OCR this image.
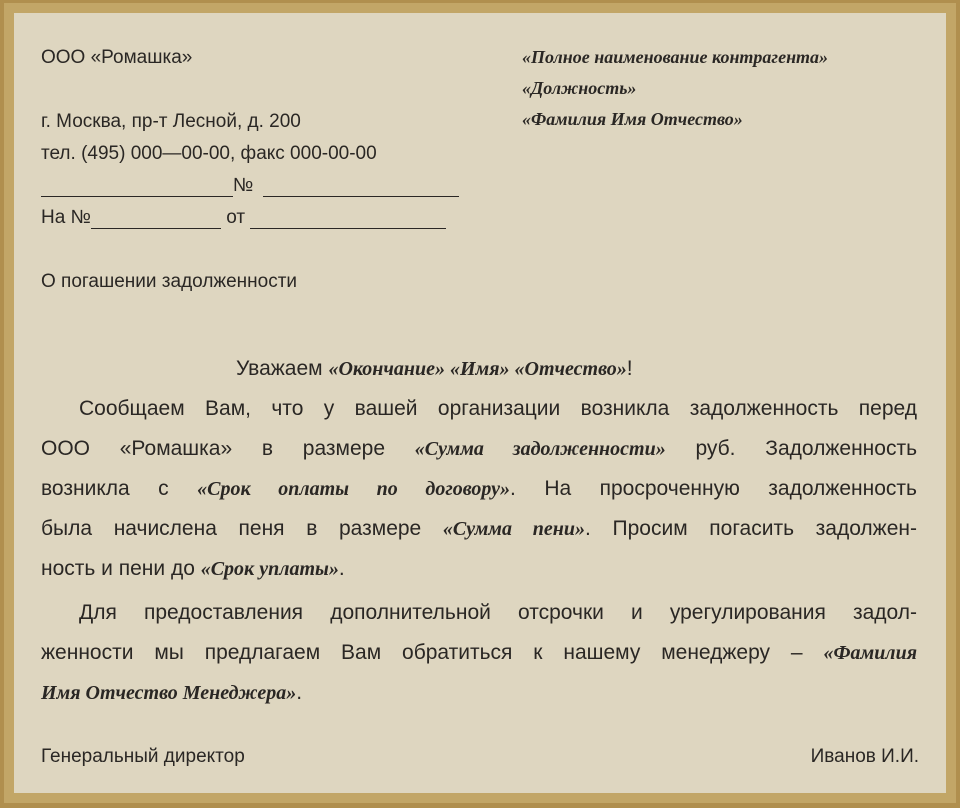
ООО «Ромашка»
г. Москва, пр-т Лесной, д. 200
тел. (495) 000—00-00, факс 000-00-00
№
На №	от
«Полное наименование контрагента»
«Должность»
«Фамилия Имя Отчество»
О погашении задолженности
Уважаем «Окончание» «Имя» «Отчество»!
Сообщаем Вам, что у вашей организации возникла задолженность перед
ООО «Ромашка» в размере «Сумма задолженности» руб. Задолженность
возникла с «Срок оплаты по договору». На просроченную задолженность
была начислена пеня в размере «Сумма пени». Просим погасить задолжен-
ность и пени до «Срок уплаты».
Для предоставления дополнительной отсрочки и урегулирования задол-
женности мы предлагаем Вам обратиться к нашему менеджеру – «Фамилия
Имя Отчество Менеджера».
Генеральный директор	Иванов И.И.
